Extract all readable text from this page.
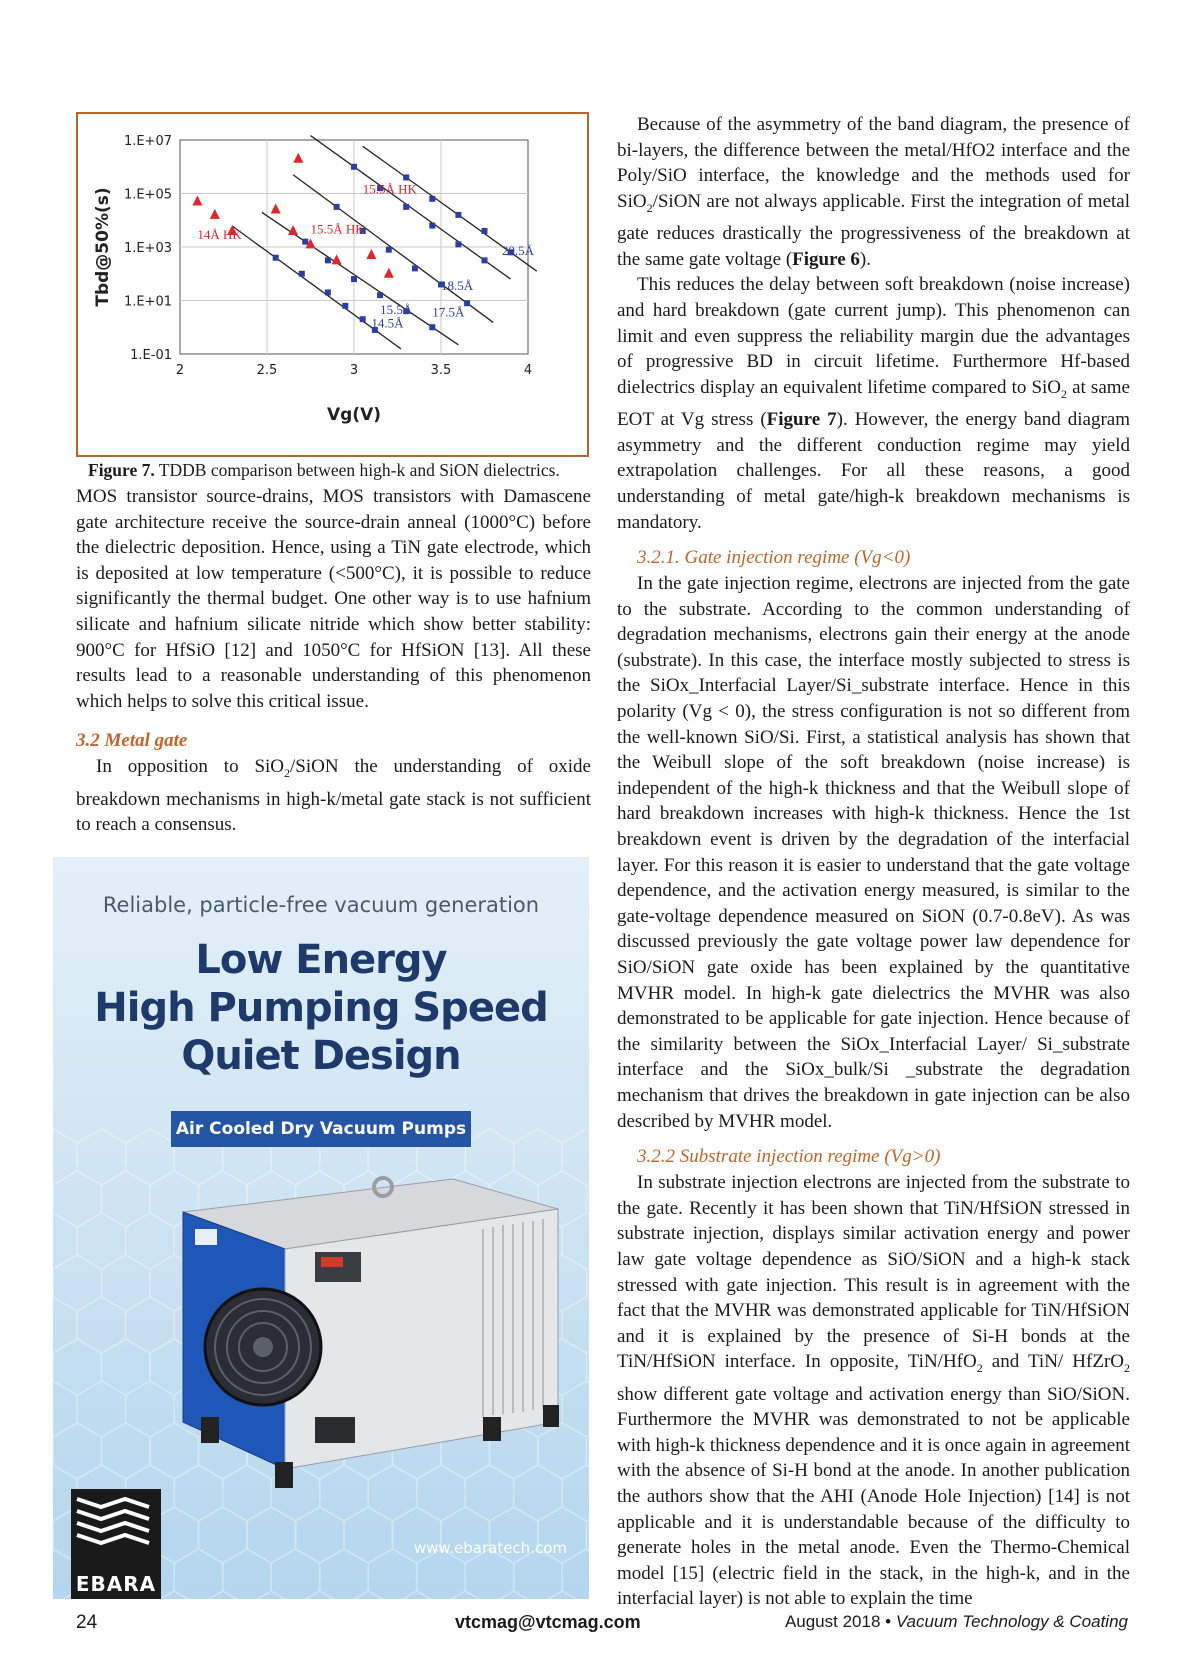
2	2.5	3	3.5	4
1.E+07
1.E+05
1.E+03
1.E+01
1.E-01
Vg(V)
Tbd@50%(s)	15.5Å HK
15.5Å HK
14Å HK
20.5Å
18.5Å
17.5Å
15.5Å
14.5Å
Figure 7. TDDB comparison between high-k and SiON dielectrics.

MOS transistor source-drains, MOS transistors with Damascene gate architecture receive the source-drain anneal (1000°C) before the dielectric deposition. Hence, using a TiN gate electrode, which is deposited at low temperature (<500°C), it is possible to reduce significantly the thermal budget. One other way is to use hafnium silicate and hafnium silicate nitride which show better stability: 900°C for HfSiO [12] and 1050°C for HfSiON [13]. All these results lead to a reasonable understanding of this phenomenon which helps to solve this critical issue.

3.2 Metal gate

In opposition to SiO$_2$/SiON the understanding of oxide breakdown mechanisms in high-k/metal gate stack is not sufficient to reach a consensus.

Reliable, particle-free vacuum generation
Low Energy
High Pumping Speed
Quiet Design
Air Cooled Dry Vacuum Pumps
EBARA
www.ebaratech.com

Because of the asymmetry of the band diagram, the presence of bi-layers, the difference between the metal/HfO2 interface and the Poly/SiO interface, the knowledge and the methods used for SiO$_2$/SiON are not always applicable. First the integration of metal gate reduces drastically the progressiveness of the breakdown at the same gate voltage (Figure 6).

This reduces the delay between soft breakdown (noise increase) and hard breakdown (gate current jump). This phenomenon can limit and even suppress the reliability margin due the advantages of progressive BD in circuit lifetime. Furthermore Hf-based dielectrics display an equivalent lifetime compared to SiO$_2$ at same EOT at Vg stress (Figure 7). However, the energy band diagram asymmetry and the different conduction regime may yield extrapolation challenges. For all these reasons, a good understanding of metal gate/high-k breakdown mechanisms is mandatory.

3.2.1. Gate injection regime (Vg<0)

In the gate injection regime, electrons are injected from the gate to the substrate. According to the common understanding of degradation mechanisms, electrons gain their energy at the anode (substrate). In this case, the interface mostly subjected to stress is the SiOx_Interfacial Layer/Si_substrate interface. Hence in this polarity (Vg < 0), the stress configuration is not so different from the well-known SiO/Si. First, a statistical analysis has shown that the Weibull slope of the soft breakdown (noise increase) is independent of the high-k thickness and that the Weibull slope of hard breakdown increases with high-k thickness. Hence the 1st breakdown event is driven by the degradation of the interfacial layer. For this reason it is easier to understand that the gate voltage dependence, and the activation energy measured, is similar to the gate-voltage dependence measured on SiON (0.7-0.8eV). As was discussed previously the gate voltage power law dependence for SiO/SiON gate oxide has been explained by the quantitative MVHR model. In high-k gate dielectrics the MVHR was also demonstrated to be applicable for gate injection. Hence because of the similarity between the SiOx_Interfacial Layer/ Si_substrate interface and the SiOx_bulk/Si _substrate the degradation mechanism that drives the breakdown in gate injection can be also described by MVHR model.

3.2.2 Substrate injection regime (Vg>0)

In substrate injection electrons are injected from the substrate to the gate. Recently it has been shown that TiN/HfSiON stressed in substrate injection, displays similar activation energy and power law gate voltage dependence as SiO/SiON and a high-k stack stressed with gate injection. This result is in agreement with the fact that the MVHR was demonstrated applicable for TiN/HfSiON and it is explained by the presence of Si-H bonds at the TiN/HfSiON interface. In opposite, TiN/HfO$_2$ and TiN/ HfZrO$_2$ show different gate voltage and activation energy than SiO/SiON. Furthermore the MVHR was demonstrated to not be applicable with high-k thickness dependence and it is once again in agreement with the absence of Si-H bond at the anode. In another publication the authors show that the AHI (Anode Hole Injection) [14] is not applicable and it is understandable because of the difficulty to generate holes in the metal anode. Even the Thermo-Chemical model [15] (electric field in the stack, in the high-k, and in the interfacial layer) is not able to explain the time

24	vtcmag@vtcmag.com	August 2018 • Vacuum Technology & Coating
